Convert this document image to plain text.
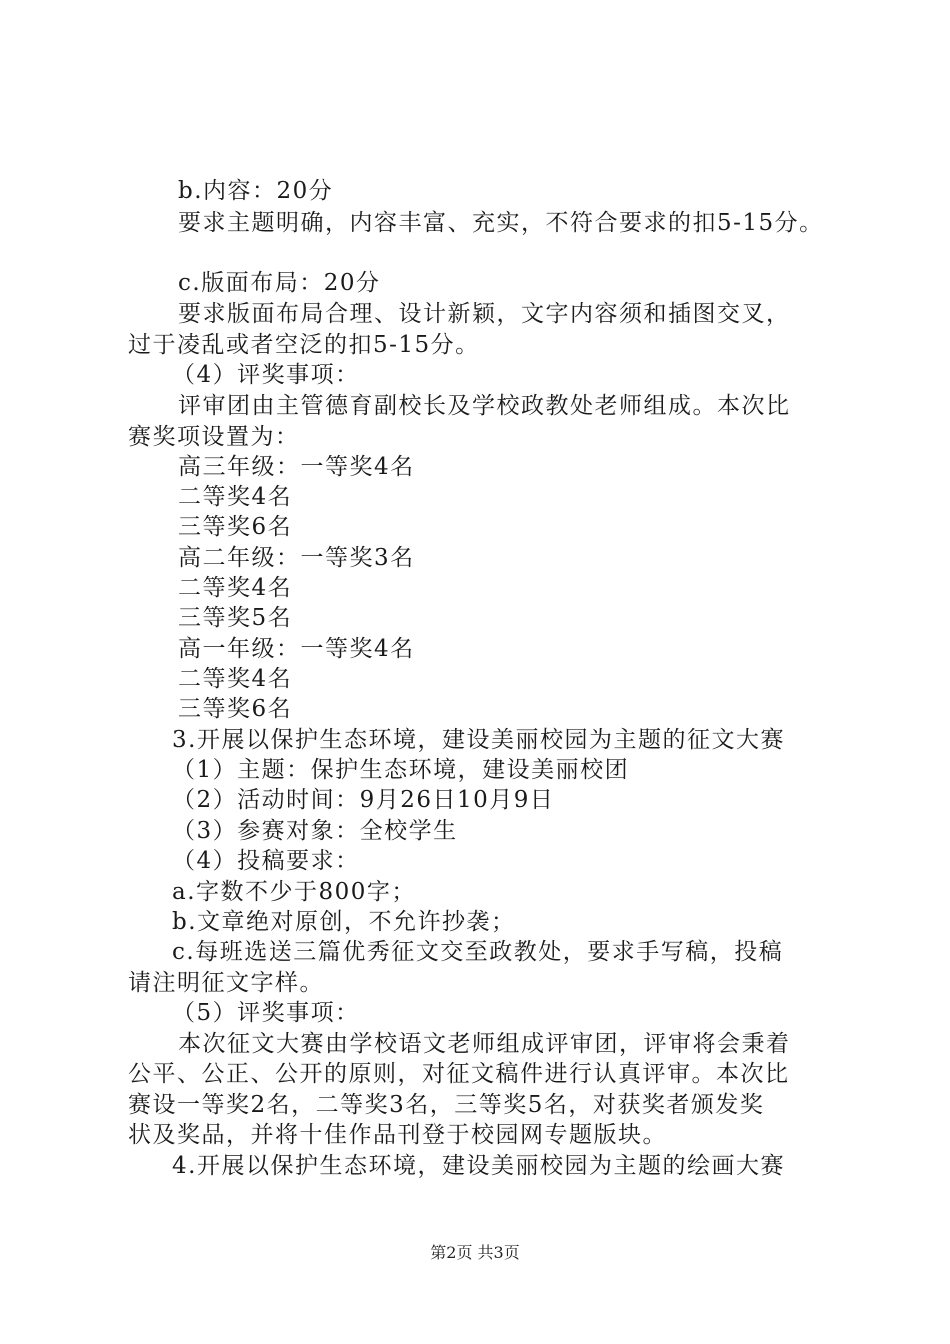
b.内容：20分
要求主题明确，内容丰富、充实，不符合要求的扣5-15分。
c.版面布局：20分
要求版面布局合理、设计新颖，文字内容须和插图交叉，
过于凌乱或者空泛的扣5-15分。
（4）评奖事项：
评审团由主管德育副校长及学校政教处老师组成。本次比
赛奖项设置为：
高三年级：一等奖4名
二等奖4名
三等奖6名
高二年级：一等奖3名
二等奖4名
三等奖5名
高一年级：一等奖4名
二等奖4名
三等奖6名
3.开展以保护生态环境，建设美丽校园为主题的征文大赛
（1）主题：保护生态环境，建设美丽校团
（2）活动时间：9月26日10月9日
（3）参赛对象：全校学生
（4）投稿要求：
a.字数不少于800字；
b.文章绝对原创，不允许抄袭；
c.每班选送三篇优秀征文交至政教处，要求手写稿，投稿
请注明征文字样。
（5）评奖事项：
本次征文大赛由学校语文老师组成评审团，评审将会秉着
公平、公正、公开的原则，对征文稿件进行认真评审。本次比
赛设一等奖2名，二等奖3名，三等奖5名，对获奖者颁发奖
状及奖品，并将十佳作品刊登于校园网专题版块。
4.开展以保护生态环境，建设美丽校园为主题的绘画大赛
第2页 共3页
